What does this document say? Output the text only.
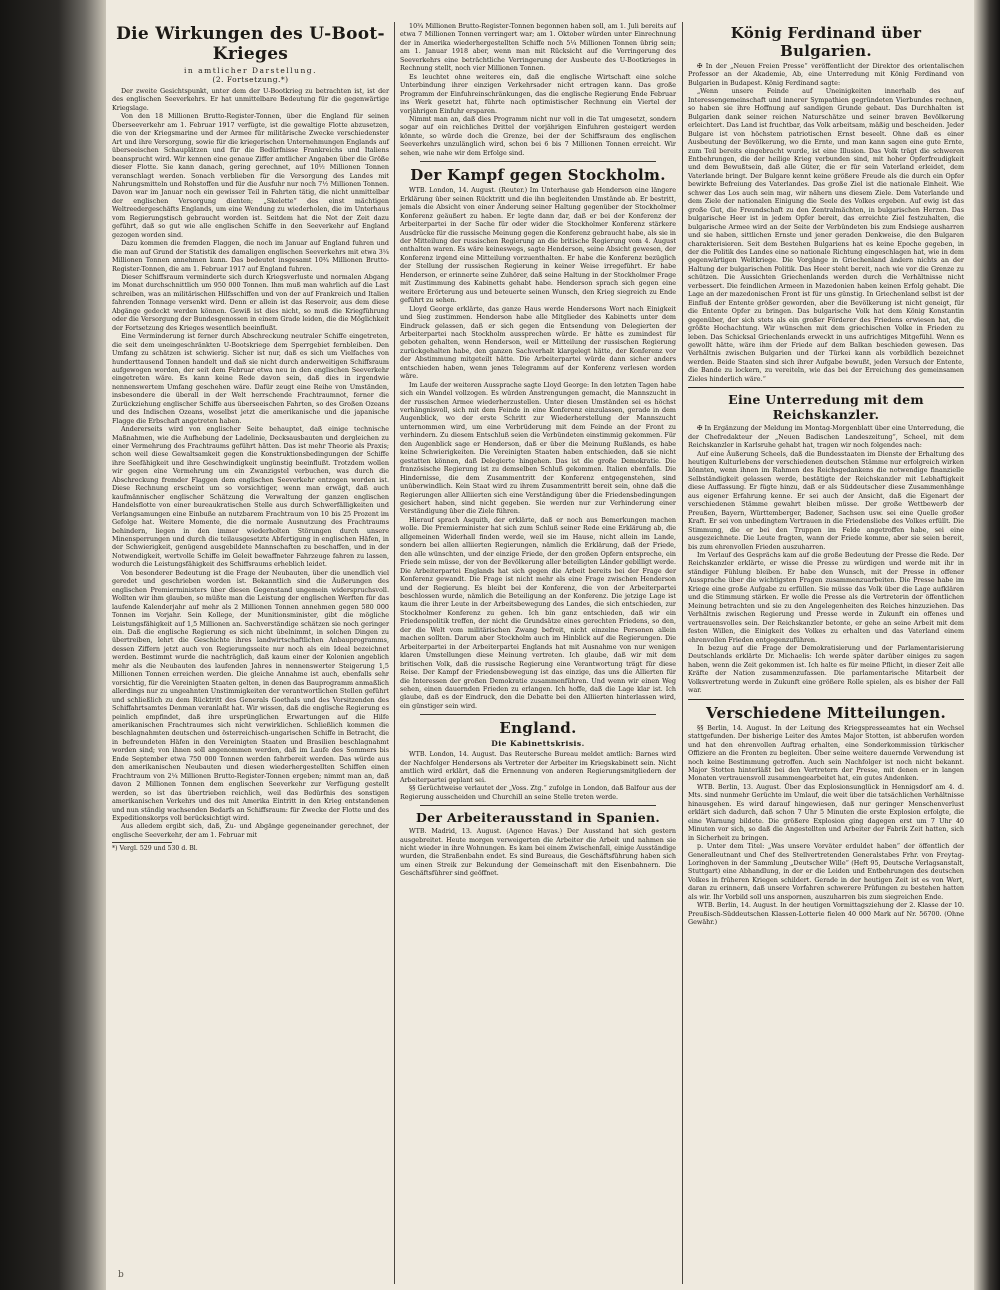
Die Wirkungen des U-Boot-Krieges
in amtlicher Darstellung.
(2. Fortsetzung.*)

Der zweite Gesichtspunkt, unter dem der U-Bootkrieg zu betrachten ist, ist der des englischen Seeverkehrs. Er hat unmittelbare Bedeutung für die gegenwärtige Kriegslage.

Von den 18 Millionen Brutto-Register-Tonnen, über die England für seinen Überseeverkehr am 1. Februar 1917 verfügte, ist die gewaltige Flotte abzusetzen, die von der Kriegsmarine und der Armee für militärische Zwecke verschiedenster Art und ihre Versorgung, sowie für die kriegerischen Unternehmungen Englands auf überseeischen Schauplätzen und für die Bedürfnisse Frankreichs und Italiens beansprucht wird. Wir kennen eine genaue Ziffer amtlicher Angaben über die Größe dieser Flotte. Sie kann danach, gering gerechnet, auf 10½ Millionen Tonnen veranschlagt werden. Sonach verblieben für die Versorgung des Landes mit Nahrungsmitteln und Rohstoffen und für die Ausfuhr nur noch 7½ Millionen Tonnen. Davon war im Januar noch ein gewisser Teil in Fahrten tätig, die nicht unmittelbar der englischen Versorgung dienten; „Skelette“ des einst mächtigen Weltreedergeschäfts Englands, um eine Wendung zu wiederholen, die im Unterhaus vom Regierungstisch gebraucht worden ist. Seitdem hat die Not der Zeit dazu geführt, daß so gut wie alle englischen Schiffe in den Seeverkehr auf England gezogen worden sind.

Dazu kommen die fremden Flaggen, die noch im Januar auf England fuhren und die man auf Grund der Statistik des damaligen englischen Seeverkehrs mit etwa 3¼ Millionen Tonnen annehmen kann. Das bedeutet insgesamt 10¾ Millionen Brutto-Register-Tonnen, die am 1. Februar 1917 auf England fuhren.

Dieser Schiffsraum verminderte sich durch Kriegsverluste und normalen Abgang im Monat durchschnittlich um 950 000 Tonnen. Ihm muß man wahrlich auf die Last schreiben, was an militärischen Hilfsschiffen und von der auf Frankreich und Italien fahrenden Tonnage versenkt wird. Denn er allein ist das Reservoir, aus dem diese Abgänge gedeckt werden können. Gewiß ist dies nicht, so muß die Kriegführung oder die Versorgung der Bundesgenossen in einem Grade leiden, die die Möglichkeit der Fortsetzung des Krieges wesentlich beeinflußt.

Eine Verminderung ist ferner durch Abschreckung neutraler Schiffe eingetreten, die seit dem uneingeschränkten U-Bootskriege dem Sperrgebiet fernbleiben. Den Umfang zu schätzen ist schwierig. Sicher ist nur, daß es sich um Vielfaches von hunderttausend Tonnen handelt und daß sie nicht durch anderweitigen Schiffsraum aufgewogen worden, der seit dem Februar etwa neu in den englischen Seeverkehr eingetreten wäre. Es kann keine Rede davon sein, daß dies in irgendwie nennenswertem Umfang geschehen wäre. Dafür zeugt eine Reihe von Umständen, insbesondere die überall in der Welt herrschende Frachtraumnot, ferner die Zurückziehung englischer Schiffe aus überseeischen Fahrten, so des Großen Ozeans und des Indischen Ozeans, woselbst jetzt die amerikanische und die japanische Flagge die Erbschaft angetreten haben.

Andererseits wird von englischer Seite behauptet, daß einige technische Maßnahmen, wie die Aufhebung der Ladelinie, Decksausbauten und dergleichen zu einer Vermehrung des Frachtraums geführt hätten. Das ist mehr Theorie als Praxis; schon weil diese Gewaltsamkeit gegen die Konstruktionsbedingungen der Schiffe ihre Seefähigkeit und ihre Geschwindigkeit ungünstig beeinflußt. Trotzdem wollen wir gegen eine Vermehrung um ein Zwanzigstel verbuchen, was durch die Abschreckung fremder Flaggen dem englischen Seeverkehr entzogen worden ist. Diese Rechnung erscheint um so vorsichtiger, wenn man erwägt, daß auch kaufmännischer englischer Schätzung die Verwaltung der ganzen englischen Handelsflotte von einer bureaukratischen Stelle aus durch Schwerfälligkeiten und Verlangsamungen eine Einbuße an nutzbarem Frachtraum von 10 bis 25 Prozent im Gefolge hat. Weitere Momente, die die normale Ausnutzung des Frachtraums behindern, liegen in den immer wiederholten Störungen durch unsere Minensperrungen und durch die teilausgesetzte Abfertigung in englischen Häfen, in der Schwierigkeit, genügend ausgebildete Mannschaften zu beschaffen, und in der Notwendigkeit, wertvolle Schiffe im Geleit bewaffneter Fahrzeuge fahren zu lassen, wodurch die Leistungsfähigkeit des Schiffsraums erheblich leidet.

Von besonderer Bedeutung ist die Frage der Neubauten, über die unendlich viel geredet und geschrieben worden ist. Bekanntlich sind die Äußerungen des englischen Premierministers über diesen Gegenstand ungemein widerspruchsvoll. Wollten wir ihm glauben, so müßte man die Leistung der englischen Werften für das laufende Kalenderjahr auf mehr als 2 Millionen Tonnen annehmen gegen 580 000 Tonnen im Vorjahr. Sein Kollege, der Munitionsminister, gibt die mögliche Leistungsfähigkeit auf 1,5 Millionen an. Sachverständige schätzen sie noch geringer ein. Daß die englische Regierung es sich nicht übelnimmt, in solchen Dingen zu übertreiben, lehrt die Geschichte ihres landwirtschaftlichen Anbauprogramms, dessen Ziffern jetzt auch von Regierungsseite nur noch als ein Ideal bezeichnet werden. Bestimmt wurde die nachträglich, daß kaum einer der Kolonien angeblich mehr als die Neubauten des laufenden Jahres in nennenswerter Steigerung 1,5 Millionen Tonnen erreichen werden. Die gleiche Annahme ist auch, ebenfalls sehr vorsichtig, für die Vereinigten Staaten gelten, in denen das Bauprogramm anmaßlich allerdings nur zu ungeahnten Unstimmigkeiten der verantwortlichen Stellen geführt und schließlich zu dem Rücktritt des Generals Goethals und des Vorsitzenden des Schiffahrtsamtes Denman veranlaßt hat. Wir wissen, daß die englische Regierung es peinlich empfindet, daß ihre ursprünglichen Erwartungen auf die Hilfe amerikanischen Frachtraumes sich nicht verwirklichen. Schließlich kommen die beschlagnahmten deutschen und österreichisch-ungarischen Schiffe in Betracht, die in befreundeten Häfen in den Vereinigten Staaten und Brasilien beschlagnahmt worden sind; von ihnen soll angenommen werden, daß im Laufe des Sommers bis Ende September etwa 750 000 Tonnen werden fahrbereit werden. Das würde aus den amerikanischen Neubauten und diesen wiederhergestellten Schiffen einen Frachtraum von 2¼ Millionen Brutto-Register-Tonnen ergeben; nimmt man an, daß davon 2 Millionen Tonnen dem englischen Seeverkehr zur Verfügung gestellt werden, so ist das übertrieben reichlich, weil das Bedürfnis des sonstigen amerikanischen Verkehrs und des mit Amerika Eintritt in den Krieg entstandenen und nun ständig wachsenden Bedarfs an Schiffsraum: für Zwecke der Flotte und des Expeditionskorps voll berücksichtigt wird.

Aus alledem ergibt sich, daß, Zu- und Abgänge gegeneinander gerechnet, der englische Seeverkehr, der am 1. Februar mit

*) Vergl. 529 und 530 d. Bl.

10¾ Millionen Brutto-Register-Tonnen begonnen haben soll, am 1. Juli bereits auf etwa 7 Millionen Tonnen verringert war; am 1. Oktober würden unter Einrechnung der in Amerika wiederhergestellten Schiffe noch 5¼ Millionen Tonnen übrig sein; am 1. Januar 1918 aber, wenn man mit Rücksicht auf die Verringerung des Seeverkehrs eine beträchtliche Verringerung der Ausbeute des U-Bootkrieges in Rechnung stellt, noch vier Millionen Tonnen.

Es leuchtet ohne weiteres ein, daß die englische Wirtschaft eine solche Unterbindung ihrer einzigen Verkehrsader nicht ertragen kann. Das große Programm der Einfuhreinschränkungen, das die englische Regierung Ende Februar ins Werk gesetzt hat, führte nach optimistischer Rechnung ein Viertel der vorjährigen Einfuhr ersparen.

Nimmt man an, daß dies Programm nicht nur voll in die Tat umgesetzt, sondern sogar auf ein reichliches Drittel der vorjährigen Einfuhren gesteigert werden könnte, so würde doch die Grenze, bei der der Schiffsraum des englischen Seeverkehrs unzulänglich wird, schon bei 6 bis 7 Millionen Tonnen erreicht. Wir sehen, wie nahe wir dem Erfolge sind.

Der Kampf gegen Stockholm.

WTB. London, 14. August. (Reuter.) Im Unterhause gab Henderson eine längere Erklärung über seinen Rücktritt und die ihn begleitenden Umstände ab. Er bestritt, jemals die Absicht von einer Änderung seiner Haltung gegenüber der Stockholmer Konferenz geäußert zu haben. Er legte dann dar, daß er bei der Konferenz der Arbeiterpartei in der Sache für oder wider die Stockholmer Konferenz stärkere Ausdrücke für die russische Meinung gegen die Konferenz gebraucht habe, als sie in der Mitteilung der russischen Regierung an die britische Regierung vom 4. August enthalten waren. Es wäre keineswegs, sagte Henderson, seine Absicht gewesen, der Konferenz irgend eine Mitteilung vorzuenthalten. Er habe die Konferenz bezüglich der Stellung der russischen Regierung in keiner Weise irregeführt. Er habe Henderson, er erinnerte seine Zuhörer, daß seine Haltung in der Stockholmer Frage mit Zustimmung des Kabinetts gehabt habe. Henderson sprach sich gegen eine weitere Erörterung aus und beteuerte seinen Wunsch, den Krieg siegreich zu Ende geführt zu sehen.

Lloyd George erklärte, das ganze Haus werde Hendersons Wort nach Einigkeit und Sieg zustimmen. Henderson habe alle Mitglieder des Kabinetts unter dem Eindruck gelassen, daß er sich gegen die Entsendung von Delegierten der Arbeiterpartei nach Stockholm aussprechen würde. Er hätte es zumindest für geboten gehalten, wenn Henderson, weil er Mitteilung der russischen Regierung zurückgehalten habe, den ganzen Sachverhalt klargelegt hätte, der Konferenz vor der Abstimmung mitgeteilt hätte. Die Arbeiterpartei würde dann sicher anders entschieden haben, wenn jenes Telegramm auf der Konferenz verlesen worden wäre.

Im Laufe der weiteren Aussprache sagte Lloyd George: In den letzten Tagen habe sich ein Wandel vollzogen. Es würden Anstrengungen gemacht, die Mannszucht in der russischen Armee wiederherzustellen. Unter diesen Umständen sei es höchst verhängnisvoll, sich mit dem Feinde in eine Konferenz einzulassen, gerade in dem Augenblick, wo der erste Schritt zur Wiederherstellung der Mannszucht unternommen wird, um eine Verbrüderung mit dem Feinde an der Front zu verhindern. Zu diesem Entschluß seien die Verbündeten einstimmig gekommen. Für den Augenblick sage er Henderson, daß er über die Meinung Rußlands, es habe keine Schwierigkeiten. Die Vereinigten Staaten haben entschieden, daß sie nicht gestatten können, daß Delegierte hingehen. Das ist die große Demokratie. Die französische Regierung ist zu demselben Schluß gekommen. Italien ebenfalls. Die Hindernisse, die dem Zusammentritt der Konferenz entgegenstehen, sind unüberwindlich. Kein Staat wird zu ihrem Zusammentritt bereit sein, ohne daß die Regierungen aller Alliierten sich eine Verständigung über die Friedensbedingungen gesichert haben, sind nicht gegeben. Sie werden nur zur Verhinderung einer Verständigung über die Ziele führen.

Hierauf sprach Asquith, der erklärte, daß er noch aus Bemerkungen machen wolle. Die Premierminister hat sich zum Schluß seiner Rede eine Erklärung ab, die allgemeinen Widerhall finden werde, weil sie im Hause, nicht allein im Lande, sondern bei allen alliierten Regierungen, nämlich die Erklärung, daß der Friede, den alle wünschten, und der einzige Friede, der den großen Opfern entspreche, ein Friede sein müsse, der von der Bevölkerung aller beteiligten Länder gebilligt werde. Die Arbeiterpartei Englands hat sich gegen die Arbeit bereits bei der Frage der Konferenz gewandt. Die Frage ist nicht mehr als eine Frage zwischen Henderson und der Regierung. Es bleibt bei der Konferenz, die von der Arbeiterpartei beschlossen wurde, nämlich die Beteiligung an der Konferenz. Die jetzige Lage ist kaum die ihrer Leute in der Arbeitsbewegung des Landes, die sich entschieden, zur Stockholmer Konferenz zu gehen. Ich bin ganz entschieden, daß wir ein Friedenspolitik treffen, der nicht die Grundsätze eines gerechten Friedens, so den, der die Welt vom militärischen Zwang befreit, nicht einzelne Personen allein machen sollten. Darum aber Stockholm auch im Hinblick auf die Regierungen. Die Arbeiterpartei in der Arbeiterpartei Englands hat mit Ausnahme von nur wenigen klaren Umstellungen diese Meinung vertreten. Ich glaube, daß wir mit dem britischen Volk, daß die russische Regierung eine Verantwortung trägt für diese Reise. Der Kampf der Friedensbewegung ist das einzige, das uns die Allierten für die Interessen der großen Demokratie zusammenführen. Und wenn wir einen Weg sehen, einen dauernden Frieden zu erlangen. Ich hoffe, daß die Lage klar ist. Ich glaube, daß es der Eindruck, den die Debatte bei den Alliierten hinterlassen wird, ein günstiger sein wird.

England.
Die Kabinettskrisis.

WTB. London, 14. August. Das Reutersche Bureau meldet amtlich: Barnes wird der Nachfolger Hendersons als Vertreter der Arbeiter im Kriegskabinett sein. Nicht amtlich wird erklärt, daß die Ernennung von anderen Regierungsmitgliedern der Arbeiterpartei geplant sei.

§§ Gerüchtweise verlautet der „Voss. Ztg.“ zufolge in London, daß Balfour aus der Regierung ausscheiden und Churchill an seine Stelle treten werde.

Der Arbeiterausstand in Spanien.

WTB. Madrid, 13. August. (Agence Havas.) Der Ausstand hat sich gestern ausgebreitet. Heute morgen verweigerten die Arbeiter die Arbeit und nahmen sie nicht wieder in ihre Wohnungen. Es kam bei einem Zwischenfall, einige Ausständige wurden, die Straßenbahn endet. Es sind Bureaus, die Geschäftsführung haben sich um einen Streik zur Bekundung der Gemeinschaft mit den Eisenbahnern. Die Geschäftsführer sind geöffnet.

König Ferdinand über Bulgarien.

✠ In der „Neuen Freien Presse“ veröffentlicht der Direktor des orientalischen Professor an der Akademie, Ab, eine Unterredung mit König Ferdinand von Bulgarien in Budapest. König Ferdinand sagte:

„Wenn unsere Feinde auf Uneinigkeiten innerhalb des auf Interessengemeinschaft und innerer Sympathien gegründeten Vierbundes rechnen, so haben sie ihre Hoffnung auf sandigen Grunde gebaut. Das Durchhalten ist Bulgarien dank seiner reichen Naturschätze und seiner braven Bevölkerung erleichtert. Das Land ist fruchtbar, das Volk arbeitsam, mäßig und bescheiden. Jeder Bulgare ist von höchstem patriotischen Ernst beseelt. Ohne daß es einer Ausbeutung der Bevölkerung, wo die Ernte, und man kann sagen eine gute Ernte, zum Teil bereits eingebracht wurde, ist eine Illusion. Das Volk trägt die schweren Entbehrungen, die der heilige Krieg verbunden sind, mit hoher Opferfreudigkeit und dem Bewußtsein, daß alle Güter, die er für sein Vaterland erleidet, dem Vaterlande bringt. Der Bulgare kennt keine größere Freude als die durch ein Opfer bewirkte Befreiung des Vaterlandes. Das große Ziel ist die nationale Einheit. Wie schwer das Los auch sein mag, wir nähern uns diesem Ziele. Dem Vaterlande und dem Ziele der nationalen Einigung die Seele des Volkes ergeben. Auf ewig ist das große Gut, die Freundschaft zu den Zentralmächten, in bulgarischen Herzen. Das bulgarische Heer ist in jedem Opfer bereit, das erreichte Ziel festzuhalten, die bulgarische Armee wird an der Seite der Verbündeten bis zum Endsiege ausharren und sie haben, sittlichen Ernste und jener geraden Denkweise, die den Bulgaren charakterisieren. Seit dem Bestehen Bulgariens hat es keine Epoche gegeben, in der die Politik des Landes eine so nationale Richtung eingeschlagen hat, wie in dem gegenwärtigen Weltkriege. Die Vorgänge in Griechenland ändern nichts an der Haltung der bulgarischen Politik. Das Heer steht bereit, nach wie vor die Grenze zu schützen. Die Aussichten Griechenlands werden durch die Verhältnisse nicht verbessert. Die feindlichen Armeen in Mazedonien haben keinen Erfolg gehabt. Die Lage an der mazedonischen Front ist für uns günstig. In Griechenland selbst ist der Einfluß der Entente größer geworden, aber die Bevölkerung ist nicht geneigt, für die Entente Opfer zu bringen. Das bulgarische Volk hat dem König Konstantin gegenüber, der sich stets als ein großer Förderer des Friedens erwiesen hat, die größte Hochachtung. Wir wünschen mit dem griechischen Volke in Frieden zu leben. Das Schicksal Griechenlands erweckt in uns aufrichtiges Mitgefühl. Wenn es gewollt hätte, wäre ihm der Friede auf dem Balkan beschieden gewesen. Das Verhältnis zwischen Bulgarien und der Türkei kann als vorbildlich bezeichnet werden. Beide Staaten sind sich ihrer Aufgabe bewußt, jeden Versuch der Entente, die Bande zu lockern, zu vereiteln, wie das bei der Erreichung des gemeinsamen Zieles hinderlich wäre.“

Eine Unterredung mit dem Reichskanzler.

✠ In Ergänzung der Meldung im Montag-Morgenblatt über eine Unterredung, die der Chefredakteur der „Neuen Badischen Landeszeitung“, Scheel, mit dem Reichskanzler in Karlsruhe gehabt hat, tragen wir noch folgendes nach:

Auf eine Äußerung Scheels, daß die Bundesstaaten im Dienste der Erhaltung des heutigen Kulturlebens der verschiedenen deutschen Stämme nur erfolgreich wirken könnten, wenn ihnen im Rahmen des Reichsgedankens die notwendige finanzielle Selbständigkeit gelassen werde, bestätigte der Reichskanzler mit Lebhaftigkeit diese Auffassung. Er fügte hinzu, daß er als Süddeutscher diese Zusammenhänge aus eigener Erfahrung kenne. Er sei auch der Ansicht, daß die Eigenart der verschiedenen Stämme gewahrt bleiben müsse. Der große Wettbewerb der Preußen, Bayern, Württemberger, Badener, Sachsen usw. sei eine Quelle großer Kraft. Er sei von unbedingtem Vertrauen in die Friedensliebe des Volkes erfüllt. Die Stimmung, die er bei den Truppen im Felde angetroffen habe, sei eine ausgezeichnete. Die Leute fragten, wann der Friede komme, aber sie seien bereit, bis zum ehrenvollen Frieden auszuharren.

Im Verlauf des Gesprächs kam auf die große Bedeutung der Presse die Rede. Der Reichskanzler erklärte, er wisse die Presse zu würdigen und werde mit ihr in ständiger Fühlung bleiben. Er habe den Wunsch, mit der Presse in offener Aussprache über die wichtigsten Fragen zusammenzuarbeiten. Die Presse habe im Kriege eine große Aufgabe zu erfüllen. Sie müsse das Volk über die Lage aufklären und die Stimmung stärken. Er wolle die Presse als die Vertreterin der öffentlichen Meinung betrachten und sie zu den Angelegenheiten des Reiches hinzuziehen. Das Verhältnis zwischen Regierung und Presse werde in Zukunft ein offenes und vertrauensvolles sein. Der Reichskanzler betonte, er gehe an seine Arbeit mit dem festen Willen, die Einigkeit des Volkes zu erhalten und das Vaterland einem ehrenvollen Frieden entgegenzuführen.

In bezug auf die Frage der Demokratisierung und der Parlamentarisierung Deutschlands erklärte Dr. Michaelis: Ich werde später darüber einiges zu sagen haben, wenn die Zeit gekommen ist. Ich halte es für meine Pflicht, in dieser Zeit alle Kräfte der Nation zusammenzufassen. Die parlamentarische Mitarbeit der Volksvertretung werde in Zukunft eine größere Rolle spielen, als es bisher der Fall war.

Verschiedene Mitteilungen.

§§ Berlin, 14. August. In der Leitung des Kriegspresseamtes hat ein Wechsel stattgefunden. Der bisherige Leiter des Amtes Major Stotten, ist abberufen worden und hat den ehrenvollen Auftrag erhalten, eine Sonderkommission türkischer Offiziere an die Fronten zu begleiten. Über seine weitere dauernde Verwendung ist noch keine Bestimmung getroffen. Auch sein Nachfolger ist noch nicht bekannt. Major Stotten hinterläßt bei den Vertretern der Presse, mit denen er in langen Monaten vertrauensvoll zusammengearbeitet hat, ein gutes Andenken.

WTB. Berlin, 13. August. Über das Explosionsunglück in Hennigsdorf am 4. d. Mts. sind nunmehr Gerüchte im Umlauf, die weit über die tatsächlichen Verhältnisse hinausgehen. Es wird darauf hingewiesen, daß nur geringer Menschenverlust erklärt sich dadurch, daß schon 7 Uhr 5 Minuten die erste Explosion erfolgte, die eine Warnung bildete. Die größere Explosion ging dagegen erst um 7 Uhr 40 Minuten vor sich, so daß die Angestellten und Arbeiter der Fabrik Zeit hatten, sich in Sicherheit zu bringen.

p. Unter dem Titel: „Was unsere Vorväter erduldet haben“ der öffentlich der Generalleutnant und Chef des Stellvertretenden Generalstabes Frhr. von Freytag-Loringhoven in der Sammlung „Deutscher Wille“ (Heft 95, Deutsche Verlagsanstalt, Stuttgart) eine Abhandlung, in der er die Leiden und Entbehrungen des deutschen Volkes in früheren Kriegen schildert. Gerade in der heutigen Zeit ist es von Wert, daran zu erinnern, daß unsere Vorfahren schwerere Prüfungen zu bestehen hatten als wir. Ihr Vorbild soll uns anspornen, auszuharren bis zum siegreichen Ende.

WTB. Berlin, 14. August. In der heutigen Vormittagsziehung der 2. Klasse der 10. Preußisch-Süddeutschen Klassen-Lotterie fielen 40 000 Mark auf Nr. 56700. (Ohne Gewähr.)

b
